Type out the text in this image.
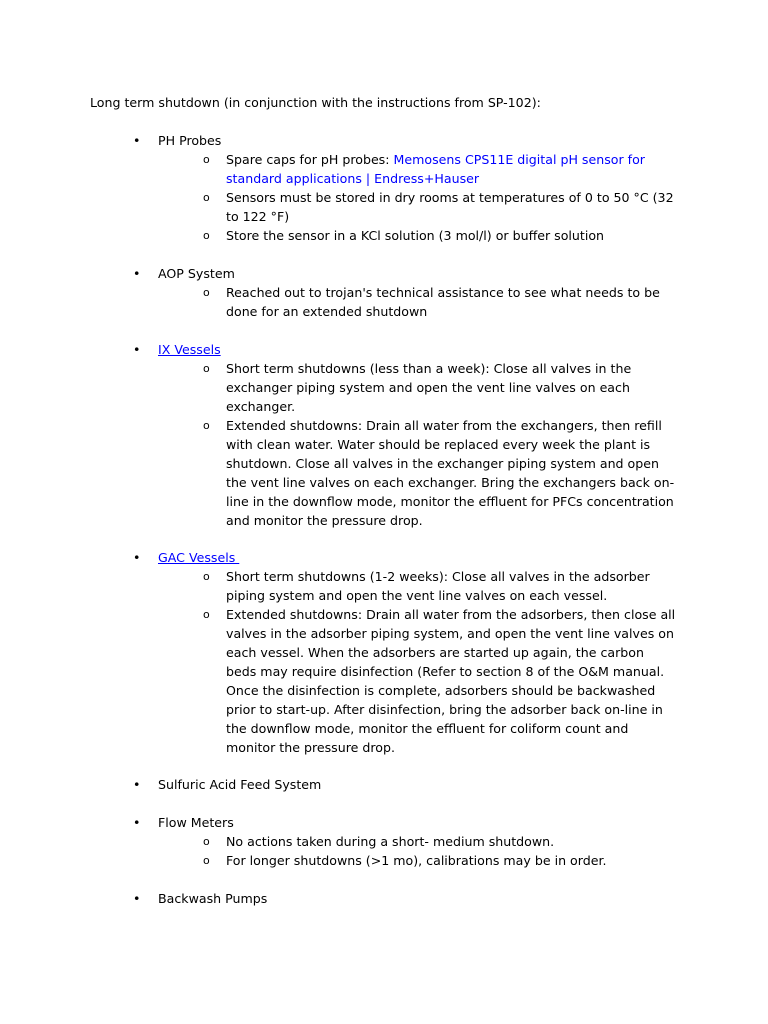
Long term shutdown (in conjunction with the instructions from SP-102):
• PH Probes
o Spare caps for pH probes: Memosens CPS11E digital pH sensor for standard applications | Endress+Hauser
o Sensors must be stored in dry rooms at temperatures of 0 to 50 °C (32 to 122 °F)
o Store the sensor in a KCl solution (3 mol/l) or buffer solution
• AOP System
o Reached out to trojan's technical assistance to see what needs to be done for an extended shutdown
• IX Vessels
o Short term shutdowns (less than a week): Close all valves in the exchanger piping system and open the vent line valves on each exchanger.
o Extended shutdowns: Drain all water from the exchangers, then refill with clean water. Water should be replaced every week the plant is shutdown. Close all valves in the exchanger piping system and open the vent line valves on each exchanger. Bring the exchangers back on-line in the downflow mode, monitor the effluent for PFCs concentration and monitor the pressure drop.
• GAC Vessels
o Short term shutdowns (1-2 weeks): Close all valves in the adsorber piping system and open the vent line valves on each vessel.
o Extended shutdowns: Drain all water from the adsorbers, then close all valves in the adsorber piping system, and open the vent line valves on each vessel. When the adsorbers are started up again, the carbon beds may require disinfection (Refer to section 8 of the O&M manual. Once the disinfection is complete, adsorbers should be backwashed prior to start-up. After disinfection, bring the adsorber back on-line in the downflow mode, monitor the effluent for coliform count and monitor the pressure drop.
• Sulfuric Acid Feed System
• Flow Meters
o No actions taken during a short- medium shutdown.
o For longer shutdowns (>1 mo), calibrations may be in order.
• Backwash Pumps
